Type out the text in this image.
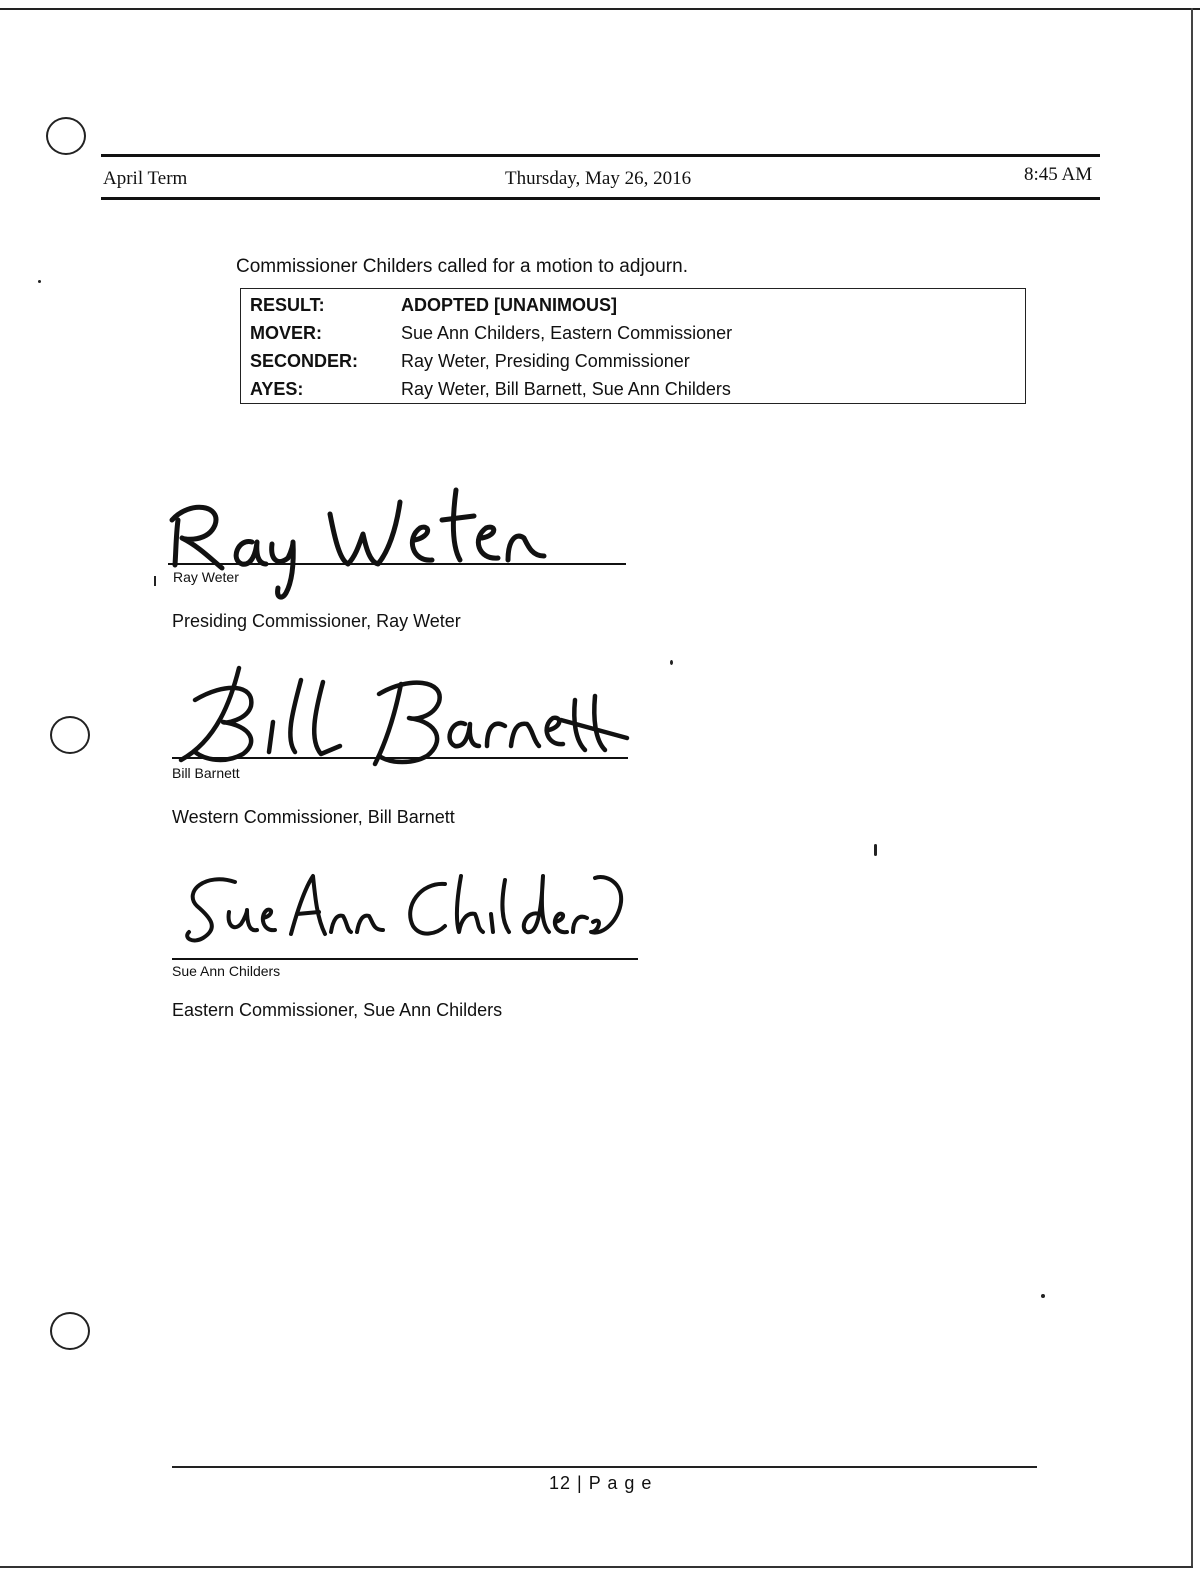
April Term	Thursday, May 26, 2016	8:45 AM
Commissioner Childers called for a motion to adjourn.
RESULT:	ADOPTED [UNANIMOUS]
MOVER:	Sue Ann Childers, Eastern Commissioner
SECONDER: Ray Weter, Presiding Commissioner
AYES:	Ray Weter, Bill Barnett, Sue Ann Childers
Ray Weter
Presiding Commissioner, Ray Weter
Bill Barnett
Western Commissioner, Bill Barnett
Sue Ann Childers
Eastern Commissioner, Sue Ann Childers
12 | P a g e
